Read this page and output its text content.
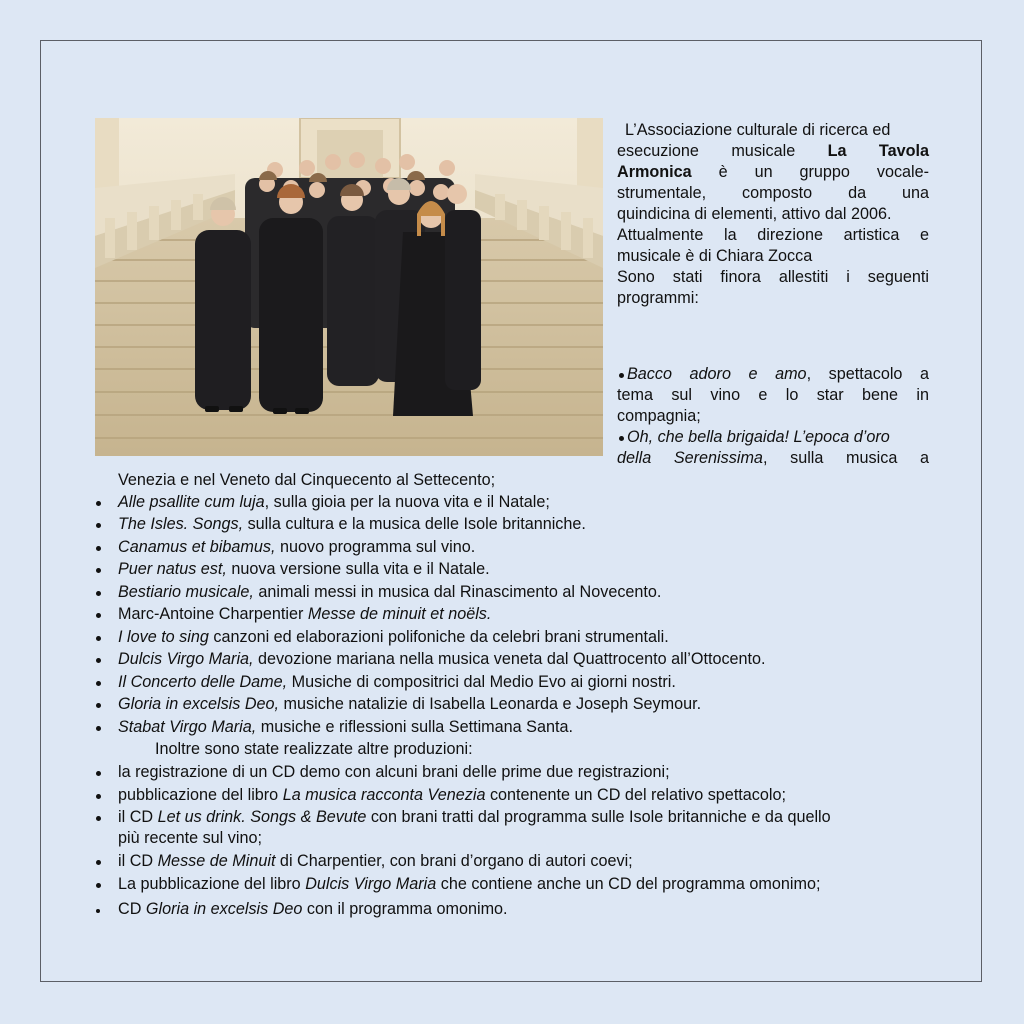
L’Associazione culturale di ricerca ed
esecuzione musicale La Tavola
Armonica è un gruppo vocale-
strumentale, composto da una
quindicina di elementi, attivo dal 2006.
Attualmente la direzione artistica e
musicale è di Chiara Zocca
Sono stati finora allestiti i seguenti
programmi:
Bacco adoro e amo, spettacolo a
tema sul vino e lo star bene in
compagnia;
Oh, che bella brigaida! L’epoca d’oro
della Serenissima, sulla musica a
Venezia e nel Veneto dal Cinquecento al Settecento;
Alle psallite cum luja, sulla gioia per la nuova vita e il Natale;
The Isles. Songs, sulla cultura e la musica delle Isole britanniche.
Canamus et bibamus, nuovo programma sul vino.
Puer natus est, nuova versione sulla vita e il Natale.
Bestiario musicale, animali messi in musica dal Rinascimento al Novecento.
Marc-Antoine Charpentier Messe de minuit et noëls.
I love to sing canzoni ed elaborazioni polifoniche da celebri brani strumentali.
Dulcis Virgo Maria, devozione mariana nella musica veneta dal Quattrocento all’Ottocento.
Il Concerto delle Dame, Musiche di compositrici dal Medio Evo ai giorni nostri.
Gloria in excelsis Deo, musiche natalizie di Isabella Leonarda e Joseph Seymour.
Stabat Virgo Maria, musiche e riflessioni sulla Settimana Santa.
Inoltre sono state realizzate altre produzioni:
la registrazione di un CD demo con alcuni brani delle prime due registrazioni;
pubblicazione del libro La musica racconta Venezia contenente un CD del relativo spettacolo;
il CD Let us drink. Songs & Bevute con brani tratti dal programma sulle Isole britanniche e da quello
più recente sul vino;
il CD Messe de Minuit di Charpentier, con brani d’organo di autori coevi;
La pubblicazione del libro Dulcis Virgo Maria che contiene anche un CD del programma omonimo;
CD Gloria in excelsis Deo con il programma omonimo.
